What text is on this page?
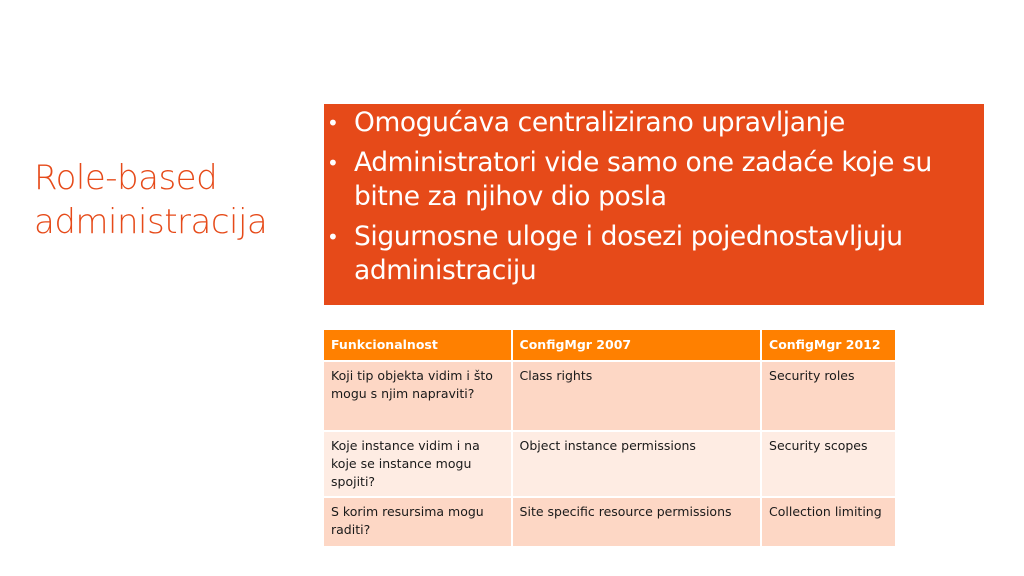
Role-based
administracija
• Omogućava centralizirano upravljanje
• Administratori vide samo one zadaće koje su bitne za njihov dio posla
• Sigurnosne uloge i dosezi pojednostavljuju administraciju
Funkcionalnost	ConfigMgr 2007	ConfigMgr 2012
Koji tip objekta vidim i što mogu s njim napraviti?	Class rights	Security roles
Koje instance vidim i na koje se instance mogu spojiti?	Object instance permissions	Security scopes
S korim resursima mogu raditi?	Site specific resource permissions	Collection limiting
